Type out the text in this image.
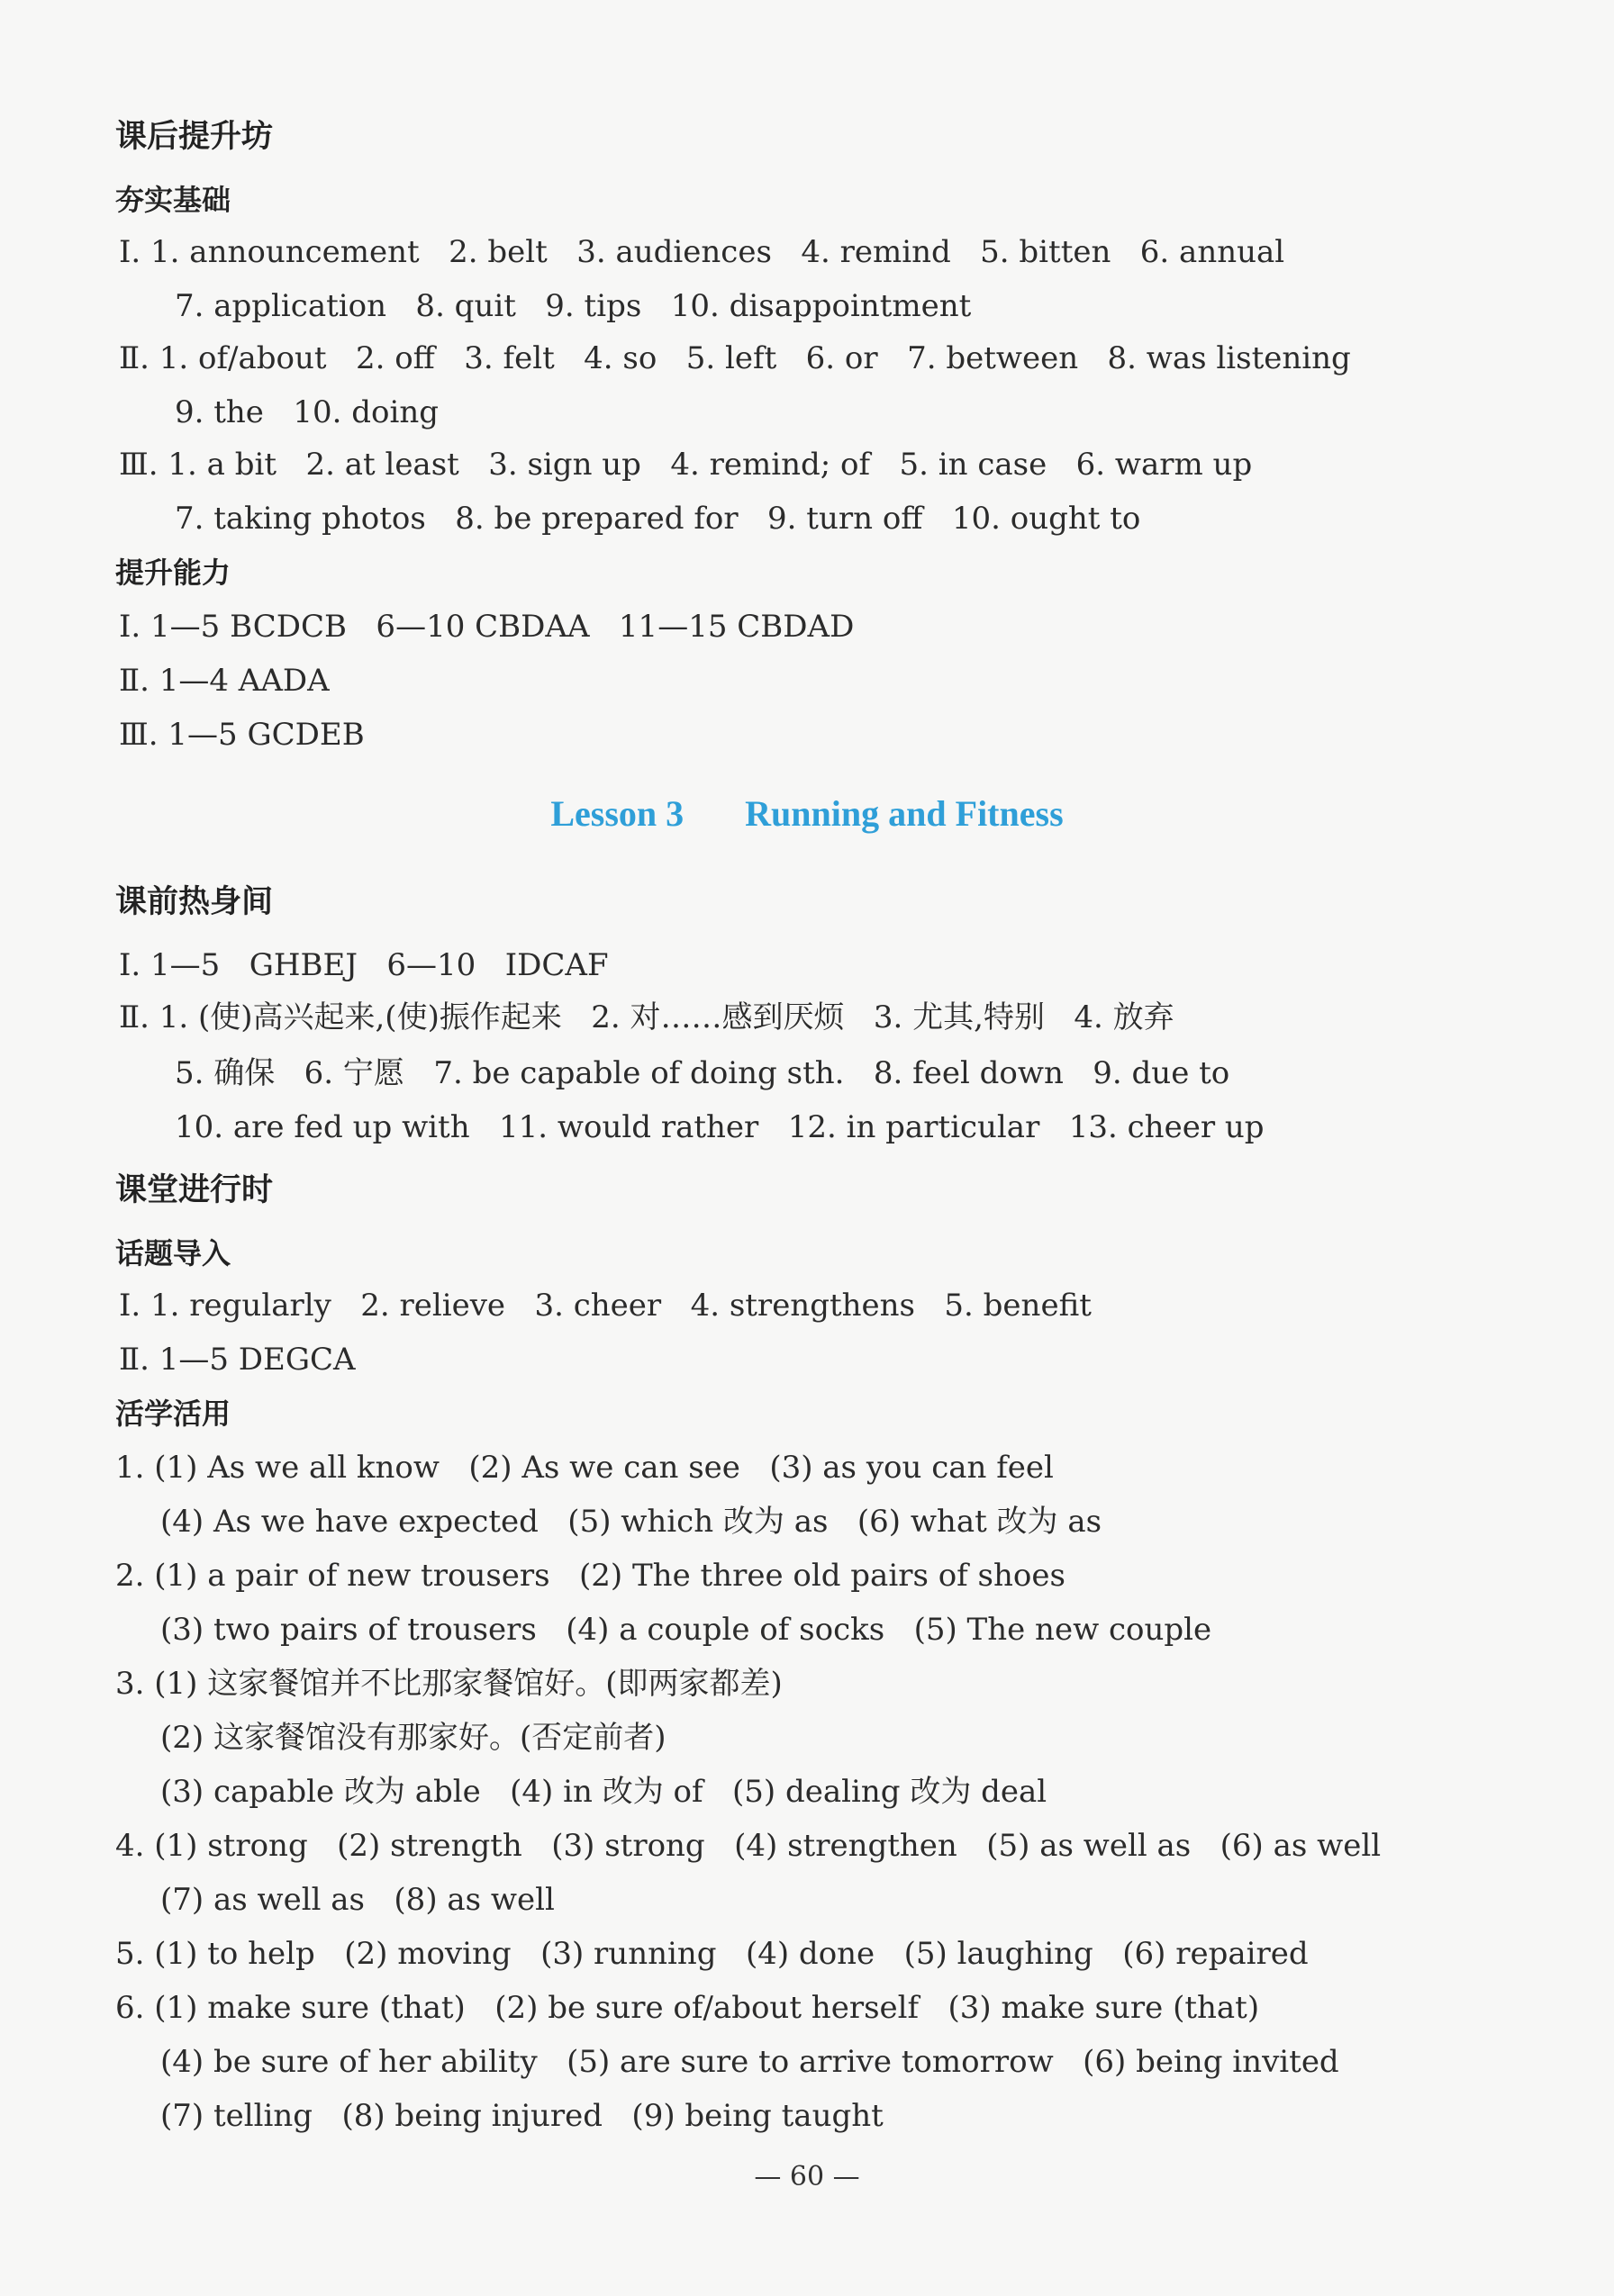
课后提升坊
夯实基础
Ⅰ. 1. announcement   2. belt   3. audiences   4. remind   5. bitten   6. annual
7. application   8. quit   9. tips   10. disappointment
Ⅱ. 1. of/about   2. off   3. felt   4. so   5. left   6. or   7. between   8. was listening
9. the   10. doing
Ⅲ. 1. a bit   2. at least   3. sign up   4. remind; of   5. in case   6. warm up
7. taking photos   8. be prepared for   9. turn off   10. ought to
提升能力
Ⅰ. 1—5 BCDCB   6—10 CBDAA   11—15 CBDAD
Ⅱ. 1—4 AADA
Ⅲ. 1—5 GCDEB
Lesson 3 Running and Fitness
课前热身间
Ⅰ. 1—5   GHBEJ   6—10   IDCAF
Ⅱ. 1. (使)高兴起来,(使)振作起来   2. 对……感到厌烦   3. 尤其,特别   4. 放弃
5. 确保   6. 宁愿   7. be capable of doing sth.   8. feel down   9. due to
10. are fed up with   11. would rather   12. in particular   13. cheer up
课堂进行时
话题导入
Ⅰ. 1. regularly   2. relieve   3. cheer   4. strengthens   5. benefit
Ⅱ. 1—5 DEGCA
活学活用
1. (1) As we all know   (2) As we can see   (3) as you can feel
(4) As we have expected   (5) which 改为 as   (6) what 改为 as
2. (1) a pair of new trousers   (2) The three old pairs of shoes
(3) two pairs of trousers   (4) a couple of socks   (5) The new couple
3. (1) 这家餐馆并不比那家餐馆好。(即两家都差)
(2) 这家餐馆没有那家好。(否定前者)
(3) capable 改为 able   (4) in 改为 of   (5) dealing 改为 deal
4. (1) strong   (2) strength   (3) strong   (4) strengthen   (5) as well as   (6) as well
(7) as well as   (8) as well
5. (1) to help   (2) moving   (3) running   (4) done   (5) laughing   (6) repaired
6. (1) make sure (that)   (2) be sure of/about herself   (3) make sure (that)
(4) be sure of her ability   (5) are sure to arrive tomorrow   (6) being invited
(7) telling   (8) being injured   (9) being taught
— 60 —
